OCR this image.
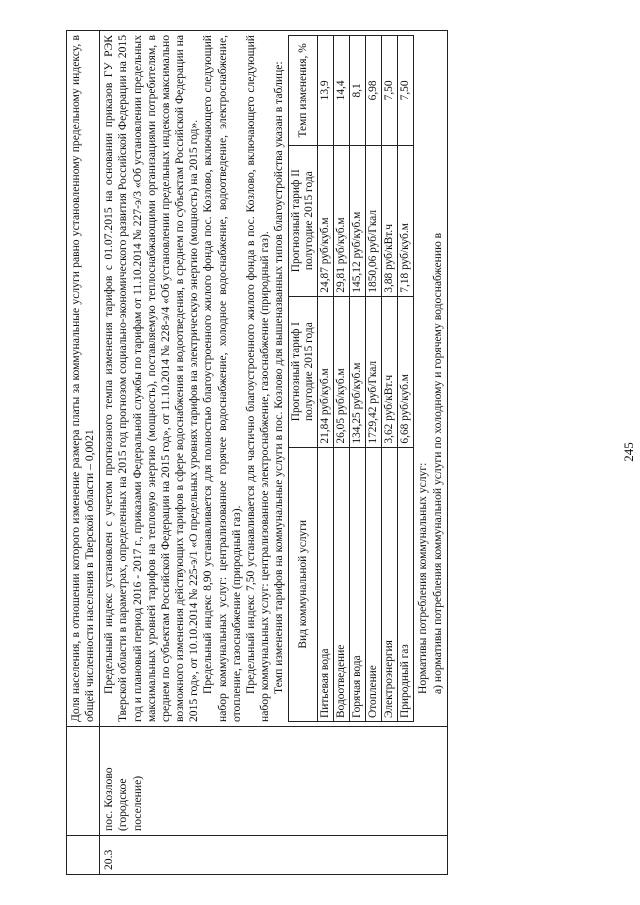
245

Доля населения, в отношении которого изменение размера платы за коммунальные услуги равно установленному предельному индексу, в общей численности населения в Тверской области – 0,0021

20.3	пос. Козлово (городское поселение)	

Предельный индекс установлен с учетом прогнозного темпа изменения тарифов с 01.07.2015 на основании приказов ГУ РЭК Тверской области в параметрах, определенных на 2015 год прогнозом социально-экономического развития Российской Федерации на 2015 год и плановый период 2016 - 2017 г., приказами Федеральной службы по тарифам от 11.10.2014 № 227-э/3 «Об установлении предельных максимальных уровней тарифов на тепловую энергию (мощность), поставляемую теплоснабжающими организациями потребителям, в среднем по субъектам Российской Федерации на 2015 год», от 11.10.2014 № 228-э/4 «Об установлении предельных индексов максимально возможного изменения действующих тарифов в сфере водоснабжения и водоотведения, в среднем по субъектам Российской Федерации на 2015 год», от 10.10.2014 № 225-э/1 «О предельных уровнях тарифов на электрическую энергию (мощность) на 2015 год». Предельный индекс 8,90 устанавливается для полностью благоустроенного жилого фонда пос. Козлово, включающего следующий набор коммунальных услуг: централизованное горячее водоснабжение, холодное водоснабжение, водоотведение, электроснабжение, отопление, газоснабжение (природный газ). Предельный индекс 7,50 устанавливается для частично благоустроенного жилого фонда в пос. Козлово, включающего следующий набор коммунальных услуг: централизованное электроснабжение, газоснабжение (природный газ). Темп изменения тарифов на коммунальные услуги в пос. Козлово для вышеназванных типов благоустройства указан в таблице: Вид коммунальной услуги	Прогнозный тариф I полугодие 2015 года	Прогнозный тариф II полугодие 2015 года	Темп изменения, %
Питьевая вода	21,84 руб/куб.м	24,87 руб/куб.м	13,9
Водоотведение	26,05 руб/куб.м	29,81 руб/куб.м	14,4
Горячая вода	134,25 руб/куб.м	145,12 руб/куб.м	8,1
Отопление	1729,42 руб/Гкал	1850,06 руб/Гкал	6,98
Электроэнергия	3,62 руб/кВт.ч	3,88 руб/кВт.ч	7,50
Природный газ	6,68 руб/куб.м	7,18 руб/куб.м	7,50

Нормативы потребления коммунальных услуг: а) нормативы потребления коммунальной услуги по холодному и горячему водоснабжению в
